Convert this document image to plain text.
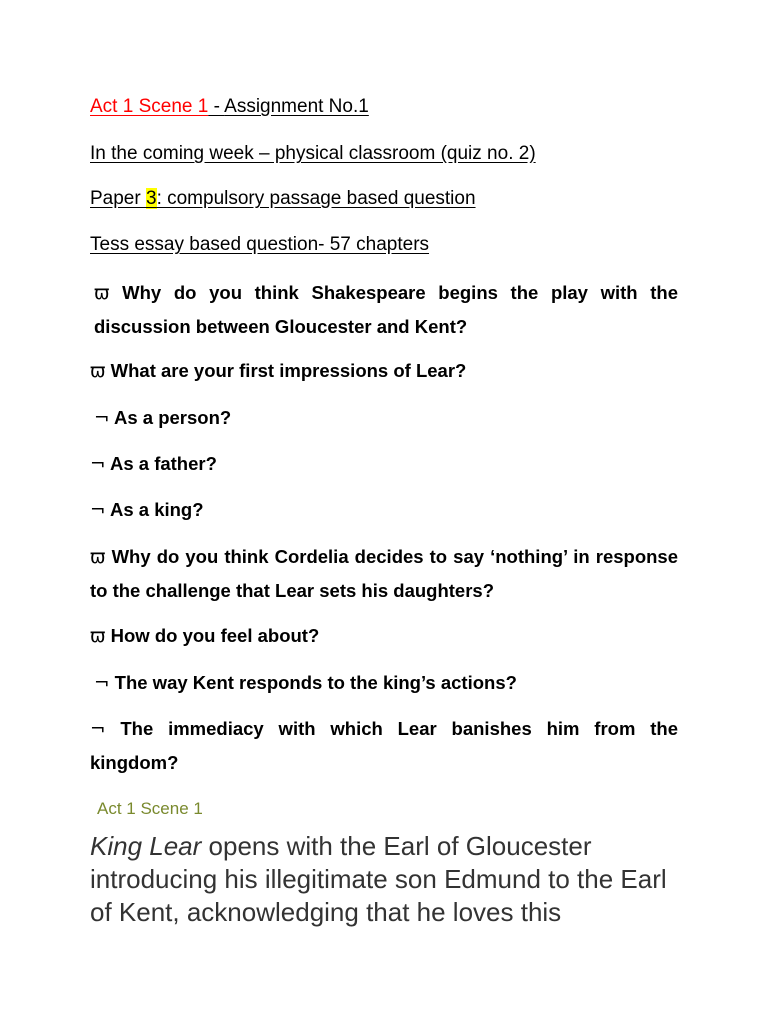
Act 1 Scene 1 - Assignment No.1
In the coming week – physical classroom (quiz no. 2)
Paper 3: compulsory passage based question
Tess essay based question- 57 chapters
ϖ Why do you think Shakespeare begins the play with the discussion between Gloucester and Kent?
ϖ What are your first impressions of Lear?
¬ As a person?
¬ As a father?
¬ As a king?
ϖ Why do you think Cordelia decides to say ‘nothing’ in response to the challenge that Lear sets his daughters?
ϖ How do you feel about?
¬ The way Kent responds to the king’s actions?
¬ The immediacy with which Lear banishes him from the kingdom?
Act 1 Scene 1
King Lear opens with the Earl of Gloucester introducing his illegitimate son Edmund to the Earl of Kent, acknowledging that he loves this
